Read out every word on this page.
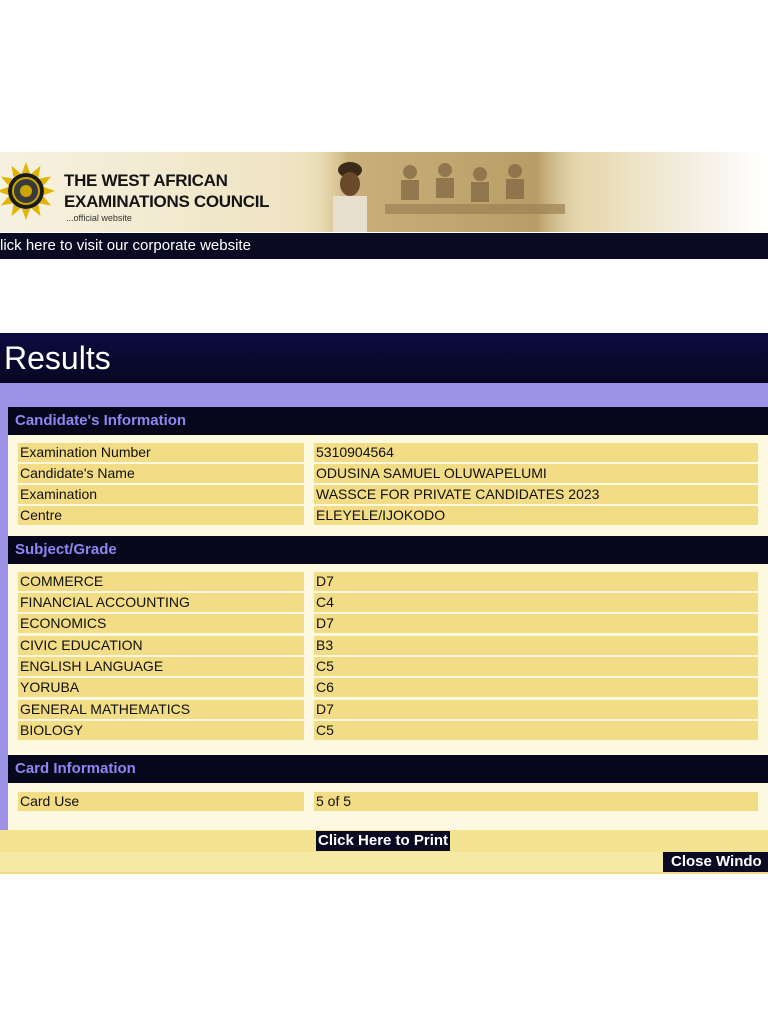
THE WEST AFRICAN
EXAMINATIONS COUNCIL
...official website
lick here to visit our corporate website
Results
Candidate's Information
Examination Number	5310904564
Candidate's Name	ODUSINA SAMUEL OLUWAPELUMI
Examination	WASSCE FOR PRIVATE CANDIDATES 2023
Centre	ELEYELE/IJOKODO
Subject/Grade
COMMERCE	D7
FINANCIAL ACCOUNTING	C4
ECONOMICS	D7
CIVIC EDUCATION	B3
ENGLISH LANGUAGE	C5
YORUBA	C6
GENERAL MATHEMATICS	D7
BIOLOGY	C5
Card Information
Card Use	5 of 5
Click Here to Print
Close Windo
